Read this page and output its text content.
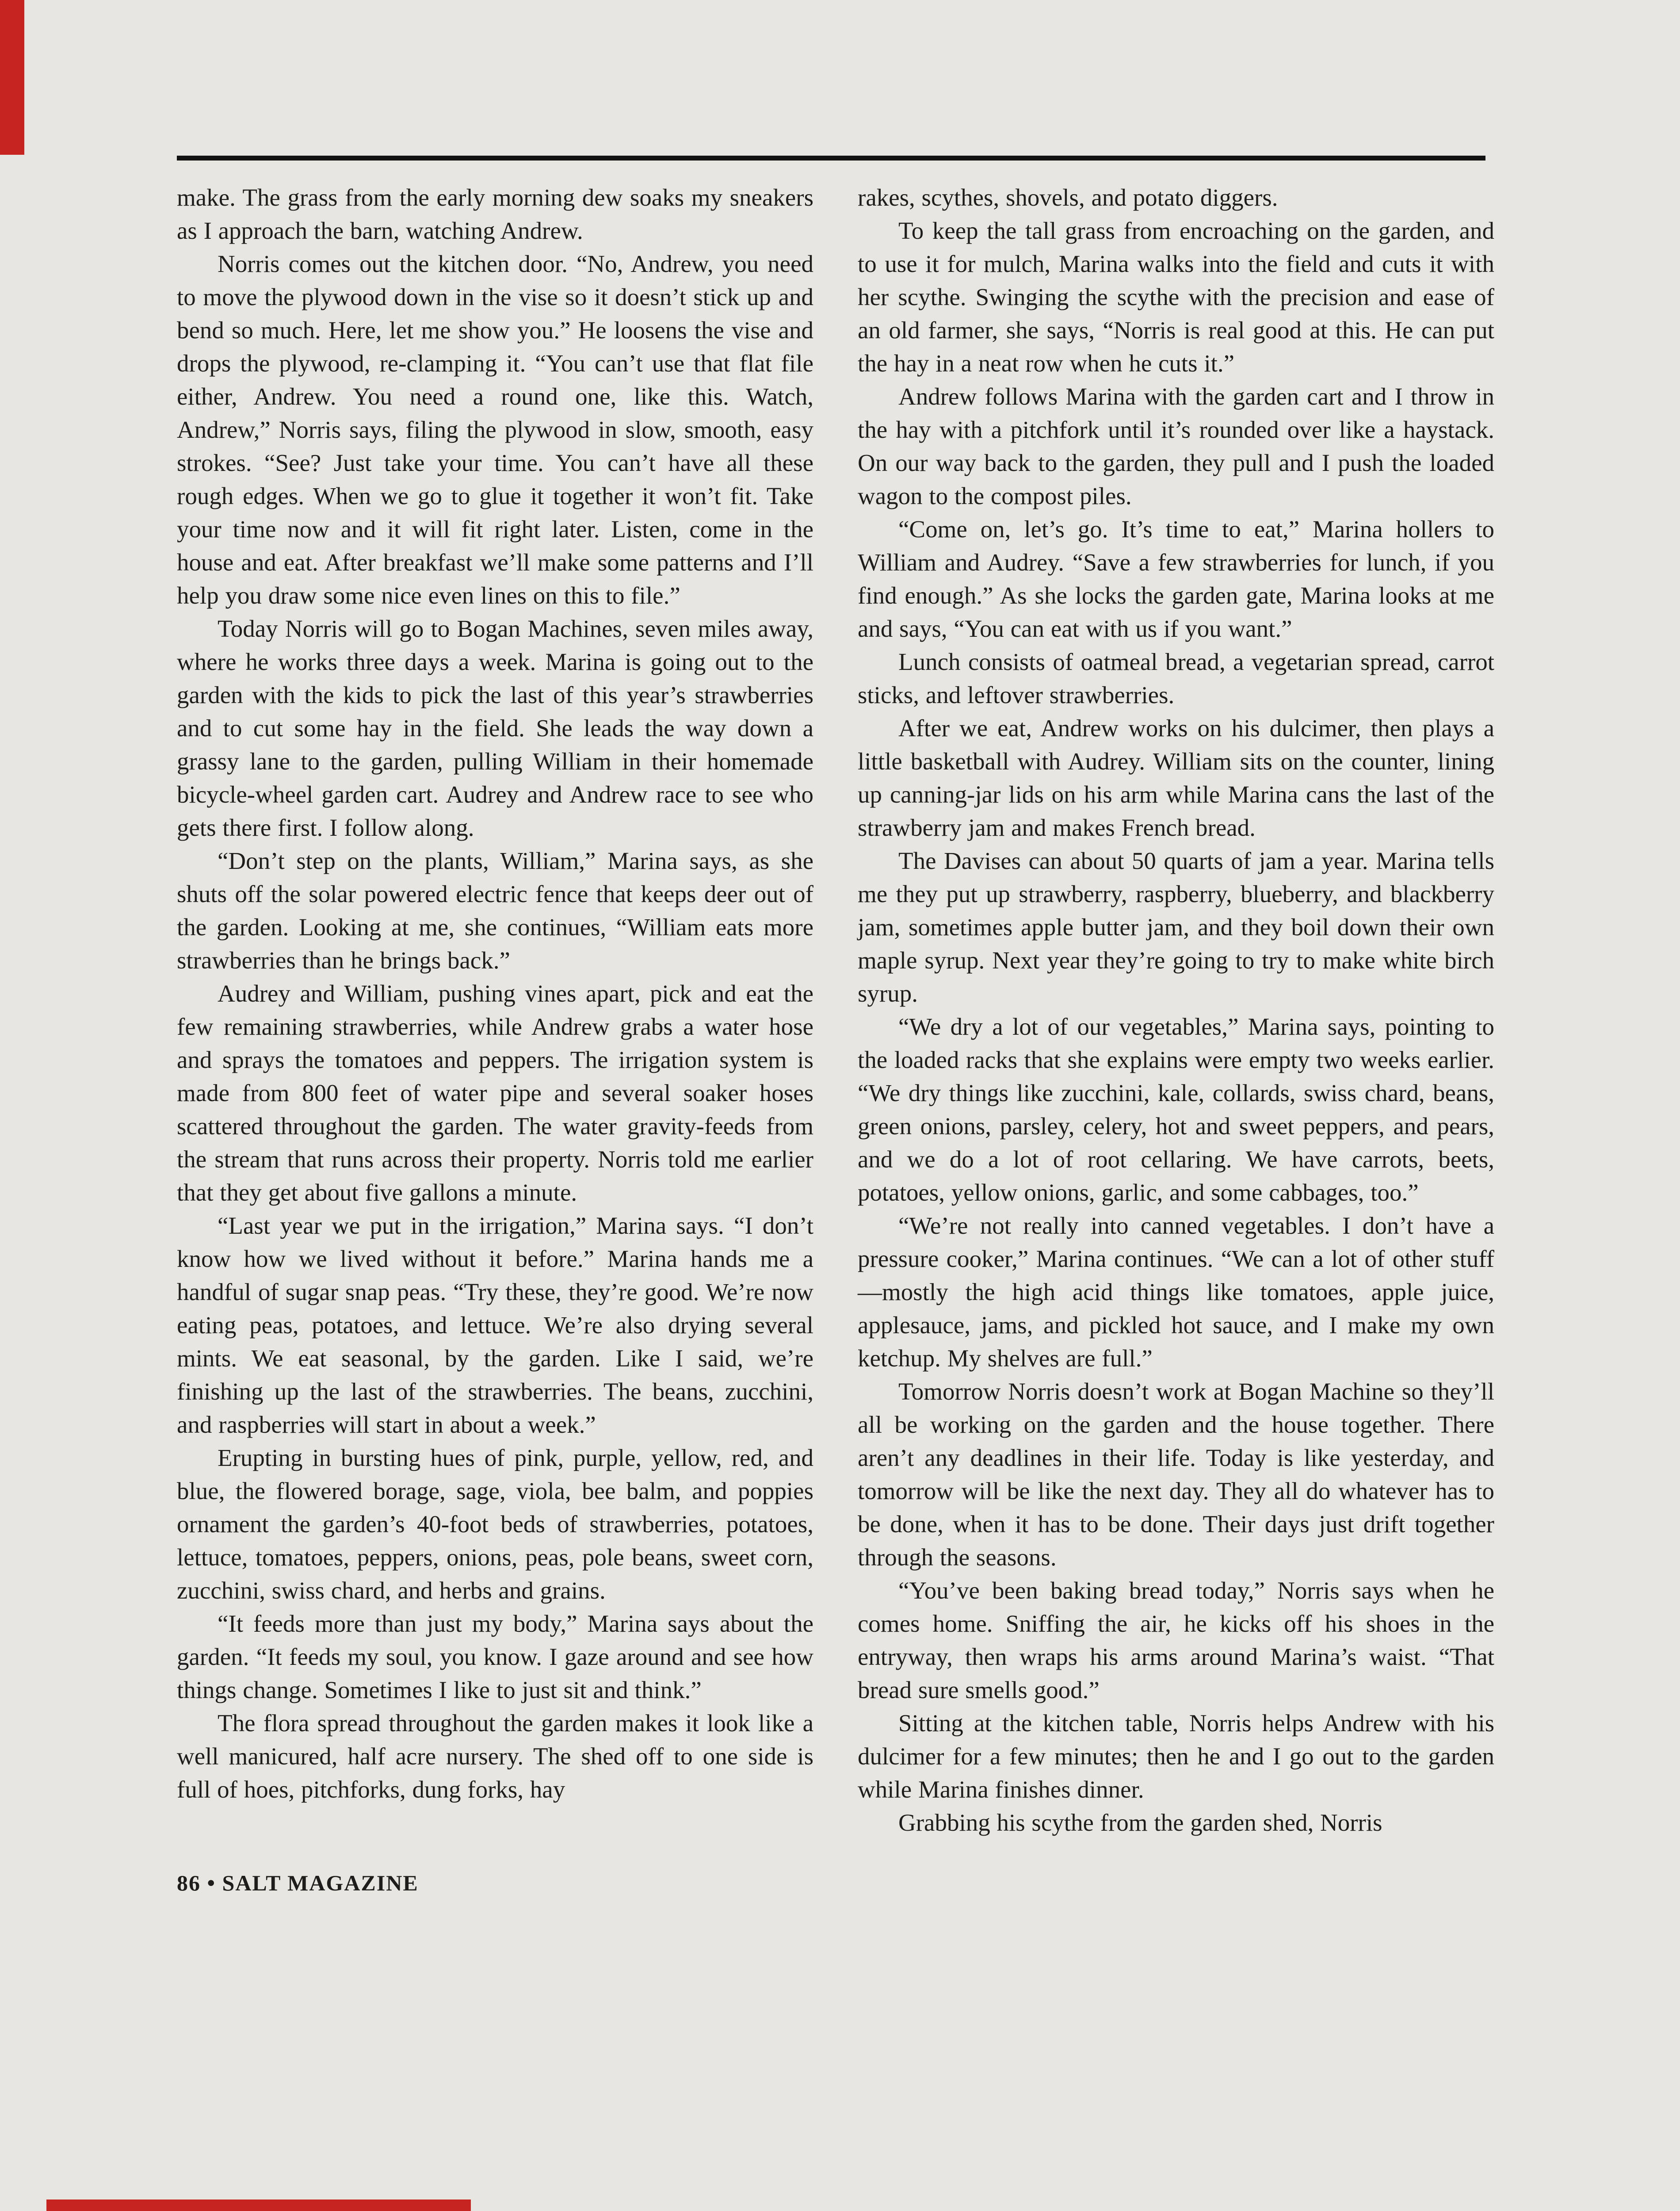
make. The grass from the early morning dew soaks my sneakers as I approach the barn, watching Andrew.

Norris comes out the kitchen door. “No, Andrew, you need to move the plywood down in the vise so it doesn’t stick up and bend so much. Here, let me show you.” He loosens the vise and drops the plywood, re-clamping it. “You can’t use that flat file either, Andrew. You need a round one, like this. Watch, Andrew,” Norris says, filing the plywood in slow, smooth, easy strokes. “See? Just take your time. You can’t have all these rough edges. When we go to glue it together it won’t fit. Take your time now and it will fit right later. Listen, come in the house and eat. After breakfast we’ll make some patterns and I’ll help you draw some nice even lines on this to file.”

Today Norris will go to Bogan Machines, seven miles away, where he works three days a week. Marina is going out to the garden with the kids to pick the last of this year’s strawberries and to cut some hay in the field. She leads the way down a grassy lane to the garden, pulling William in their homemade bicycle-wheel garden cart. Audrey and Andrew race to see who gets there first. I follow along.

“Don’t step on the plants, William,” Marina says, as she shuts off the solar powered electric fence that keeps deer out of the garden. Looking at me, she continues, “William eats more strawberries than he brings back.”

Audrey and William, pushing vines apart, pick and eat the few remaining strawberries, while Andrew grabs a water hose and sprays the tomatoes and peppers. The irrigation system is made from 800 feet of water pipe and several soaker hoses scattered throughout the garden. The water gravity-feeds from the stream that runs across their property. Norris told me earlier that they get about five gallons a minute.

“Last year we put in the irrigation,” Marina says. “I don’t know how we lived without it before.” Marina hands me a handful of sugar snap peas. “Try these, they’re good. We’re now eating peas, potatoes, and lettuce. We’re also drying several mints. We eat seasonal, by the garden. Like I said, we’re finishing up the last of the strawberries. The beans, zucchini, and raspberries will start in about a week.”

Erupting in bursting hues of pink, purple, yellow, red, and blue, the flowered borage, sage, viola, bee balm, and poppies ornament the garden’s 40-foot beds of strawberries, potatoes, lettuce, tomatoes, peppers, onions, peas, pole beans, sweet corn, zucchini, swiss chard, and herbs and grains.

“It feeds more than just my body,” Marina says about the garden. “It feeds my soul, you know. I gaze around and see how things change. Sometimes I like to just sit and think.”

The flora spread throughout the garden makes it look like a well manicured, half acre nursery. The shed off to one side is full of hoes, pitchforks, dung forks, hay

rakes, scythes, shovels, and potato diggers.

To keep the tall grass from encroaching on the garden, and to use it for mulch, Marina walks into the field and cuts it with her scythe. Swinging the scythe with the precision and ease of an old farmer, she says, “Norris is real good at this. He can put the hay in a neat row when he cuts it.”

Andrew follows Marina with the garden cart and I throw in the hay with a pitchfork until it’s rounded over like a haystack. On our way back to the garden, they pull and I push the loaded wagon to the compost piles.

“Come on, let’s go. It’s time to eat,” Marina hollers to William and Audrey. “Save a few strawberries for lunch, if you find enough.” As she locks the garden gate, Marina looks at me and says, “You can eat with us if you want.”

Lunch consists of oatmeal bread, a vegetarian spread, carrot sticks, and leftover strawberries.

After we eat, Andrew works on his dulcimer, then plays a little basketball with Audrey. William sits on the counter, lining up canning-jar lids on his arm while Marina cans the last of the strawberry jam and makes French bread.

The Davises can about 50 quarts of jam a year. Marina tells me they put up strawberry, raspberry, blueberry, and blackberry jam, sometimes apple butter jam, and they boil down their own maple syrup. Next year they’re going to try to make white birch syrup.

“We dry a lot of our vegetables,” Marina says, pointing to the loaded racks that she explains were empty two weeks earlier. “We dry things like zucchini, kale, collards, swiss chard, beans, green onions, parsley, celery, hot and sweet peppers, and pears, and we do a lot of root cellaring. We have carrots, beets, potatoes, yellow onions, garlic, and some cabbages, too.”

“We’re not really into canned vegetables. I don’t have a pressure cooker,” Marina continues. “We can a lot of other stuff—mostly the high acid things like tomatoes, apple juice, applesauce, jams, and pickled hot sauce, and I make my own ketchup. My shelves are full.”

Tomorrow Norris doesn’t work at Bogan Machine so they’ll all be working on the garden and the house together. There aren’t any deadlines in their life. Today is like yesterday, and tomorrow will be like the next day. They all do whatever has to be done, when it has to be done. Their days just drift together through the seasons.

“You’ve been baking bread today,” Norris says when he comes home. Sniffing the air, he kicks off his shoes in the entryway, then wraps his arms around Marina’s waist. “That bread sure smells good.”

Sitting at the kitchen table, Norris helps Andrew with his dulcimer for a few minutes; then he and I go out to the garden while Marina finishes dinner.

Grabbing his scythe from the garden shed, Norris

86 • SALT MAGAZINE
